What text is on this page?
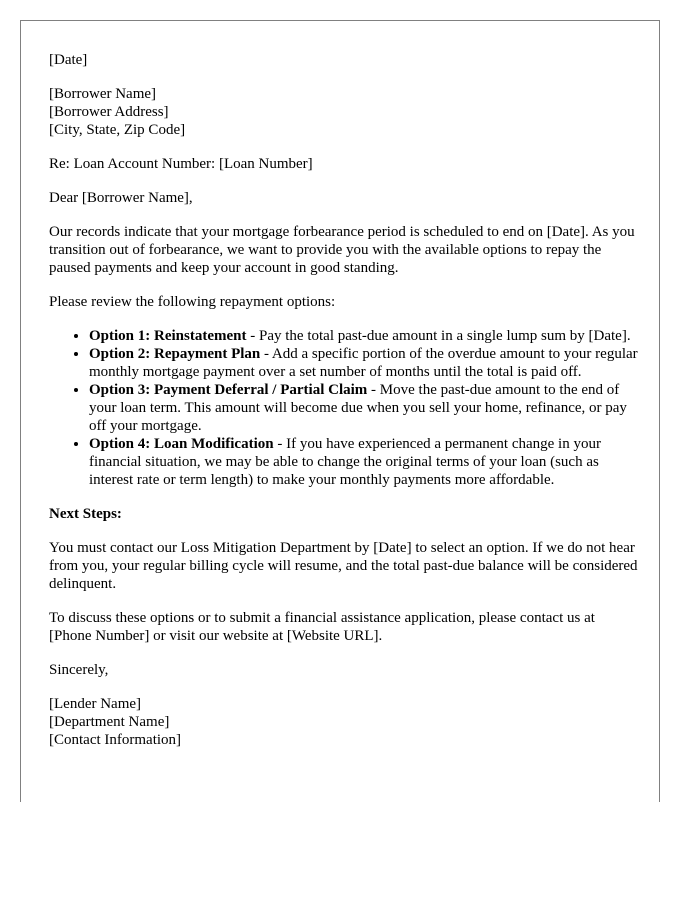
[Date]

[Borrower Name]
[Borrower Address]
[City, State, Zip Code]

Re: Loan Account Number: [Loan Number]

Dear [Borrower Name],

Our records indicate that your mortgage forbearance period is scheduled to end on [Date]. As you transition out of forbearance, we want to provide you with the available options to repay the paused payments and keep your account in good standing.

Please review the following repayment options:

• Option 1: Reinstatement - Pay the total past-due amount in a single lump sum by [Date].
• Option 2: Repayment Plan - Add a specific portion of the overdue amount to your regular monthly mortgage payment over a set number of months until the total is paid off.
• Option 3: Payment Deferral / Partial Claim - Move the past-due amount to the end of your loan term. This amount will become due when you sell your home, refinance, or pay off your mortgage.
• Option 4: Loan Modification - If you have experienced a permanent change in your financial situation, we may be able to change the original terms of your loan (such as interest rate or term length) to make your monthly payments more affordable.

Next Steps:

You must contact our Loss Mitigation Department by [Date] to select an option. If we do not hear from you, your regular billing cycle will resume, and the total past-due balance will be considered delinquent.

To discuss these options or to submit a financial assistance application, please contact us at [Phone Number] or visit our website at [Website URL].

Sincerely,

[Lender Name]
[Department Name]
[Contact Information]
